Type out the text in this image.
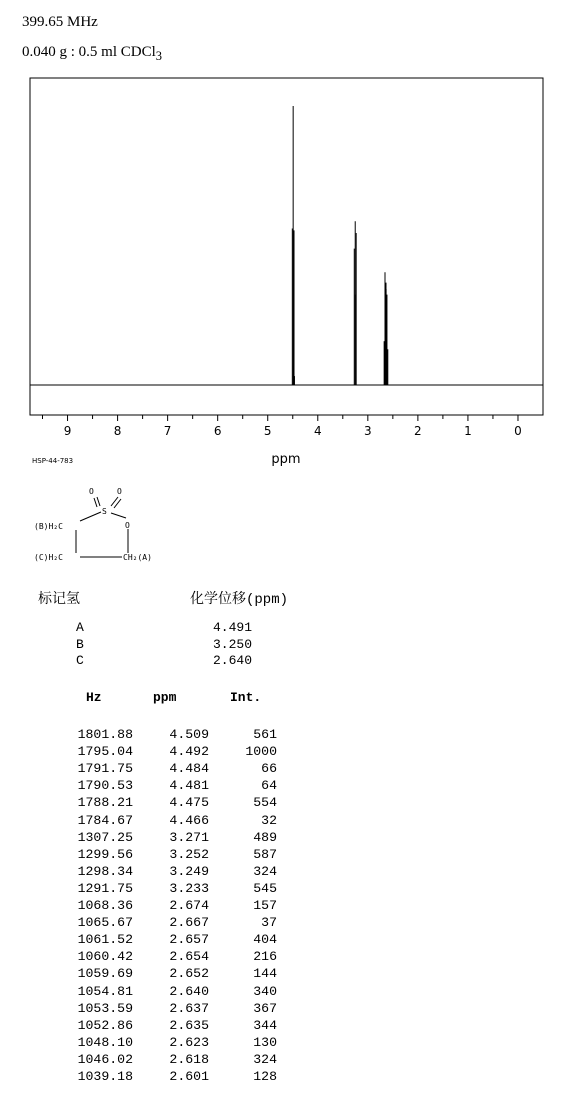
399.65 MHz
0.040 g : 0.5 ml CDCl$_3$
9	8	7	6	5	4	3	2	1	0
ppm
HSP-44-783
O	O
S
O
(B)H₂C
(C)H₂C	CH₂(A)
标记氢	化学位移(ppm)
A	4.491
B	3.250
C	2.640
Hz	ppm	Int.
1801.88	4.509	561
1795.04	4.492	1000
1791.75	4.484	66
1790.53	4.481	64
1788.21	4.475	554
1784.67	4.466	32
1307.25	3.271	489
1299.56	3.252	587
1298.34	3.249	324
1291.75	3.233	545
1068.36	2.674	157
1065.67	2.667	37
1061.52	2.657	404
1060.42	2.654	216
1059.69	2.652	144
1054.81	2.640	340
1053.59	2.637	367
1052.86	2.635	344
1048.10	2.623	130
1046.02	2.618	324
1039.18	2.601	128
